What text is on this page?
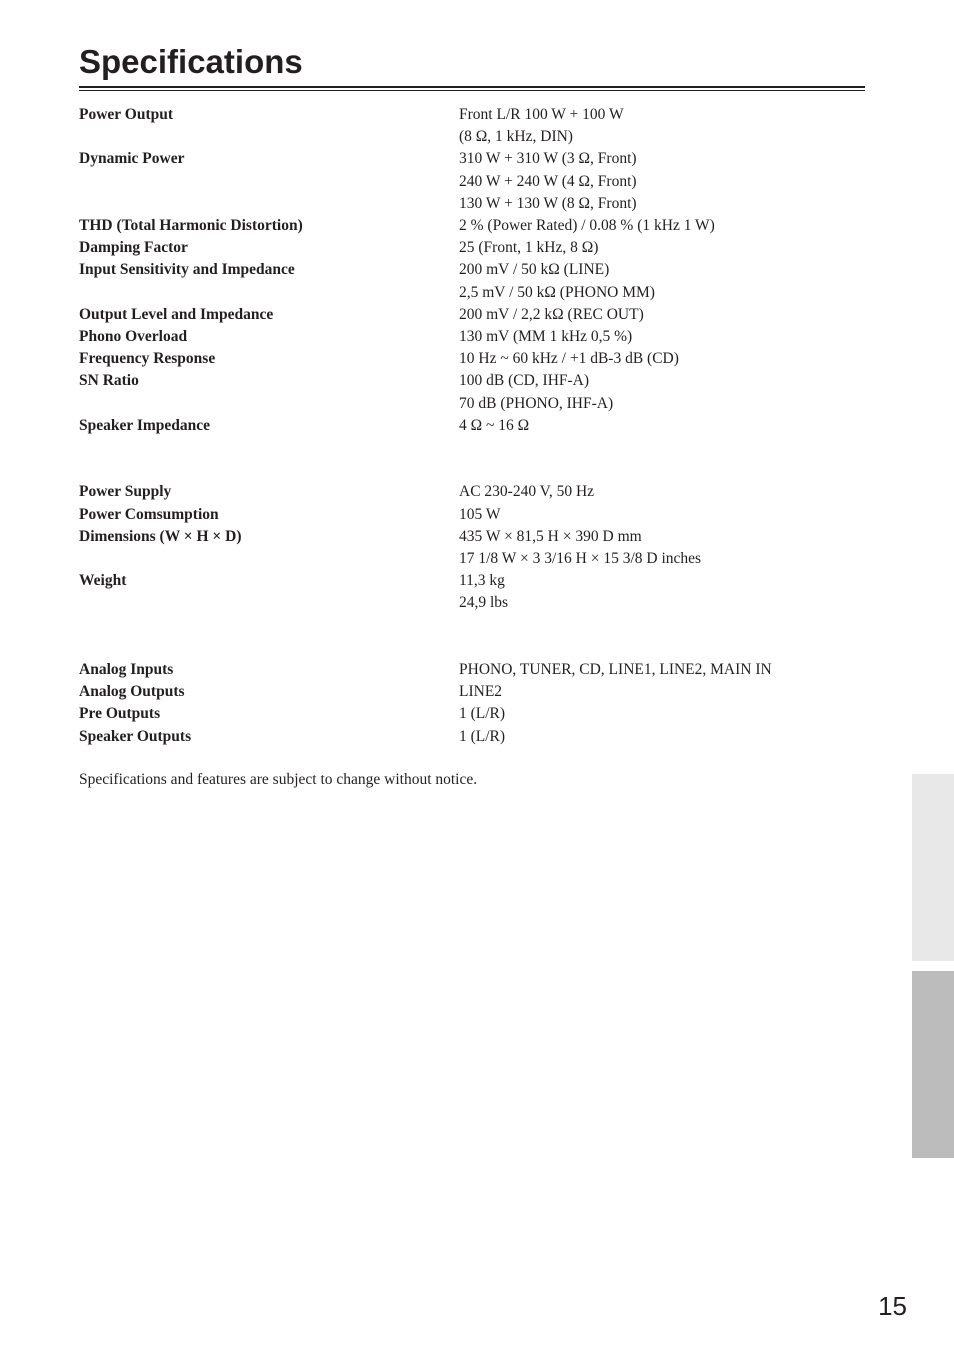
Specifications
Power Output	Front L/R 100 W + 100 W
(8 Ω, 1 kHz, DIN)
Dynamic Power	310 W + 310 W (3 Ω, Front)
240 W + 240 W (4 Ω, Front)
130 W + 130 W (8 Ω, Front)
THD (Total Harmonic Distortion)	2 % (Power Rated) / 0.08 % (1 kHz 1 W)
Damping Factor	25 (Front, 1 kHz, 8 Ω)
Input Sensitivity and Impedance	200 mV / 50 kΩ (LINE)
2,5 mV / 50 kΩ (PHONO MM)
Output Level and Impedance	200 mV / 2,2 kΩ (REC OUT)
Phono Overload	130 mV (MM 1 kHz 0,5 %)
Frequency Response	10 Hz ~ 60 kHz / +1 dB-3 dB (CD)
SN Ratio	100 dB (CD, IHF-A)
70 dB (PHONO, IHF-A)
Speaker Impedance	4 Ω ~ 16 Ω
Power Supply	AC 230-240 V, 50 Hz
Power Comsumption	105 W
Dimensions (W × H × D)	435 W × 81,5 H × 390 D mm
17 1/8 W × 3 3/16 H × 15 3/8 D inches
Weight	11,3 kg
24,9 lbs
Analog Inputs	PHONO, TUNER, CD, LINE1, LINE2, MAIN IN
Analog Outputs	LINE2
Pre Outputs	1 (L/R)
Speaker Outputs	1 (L/R)
Specifications and features are subject to change without notice.
15
